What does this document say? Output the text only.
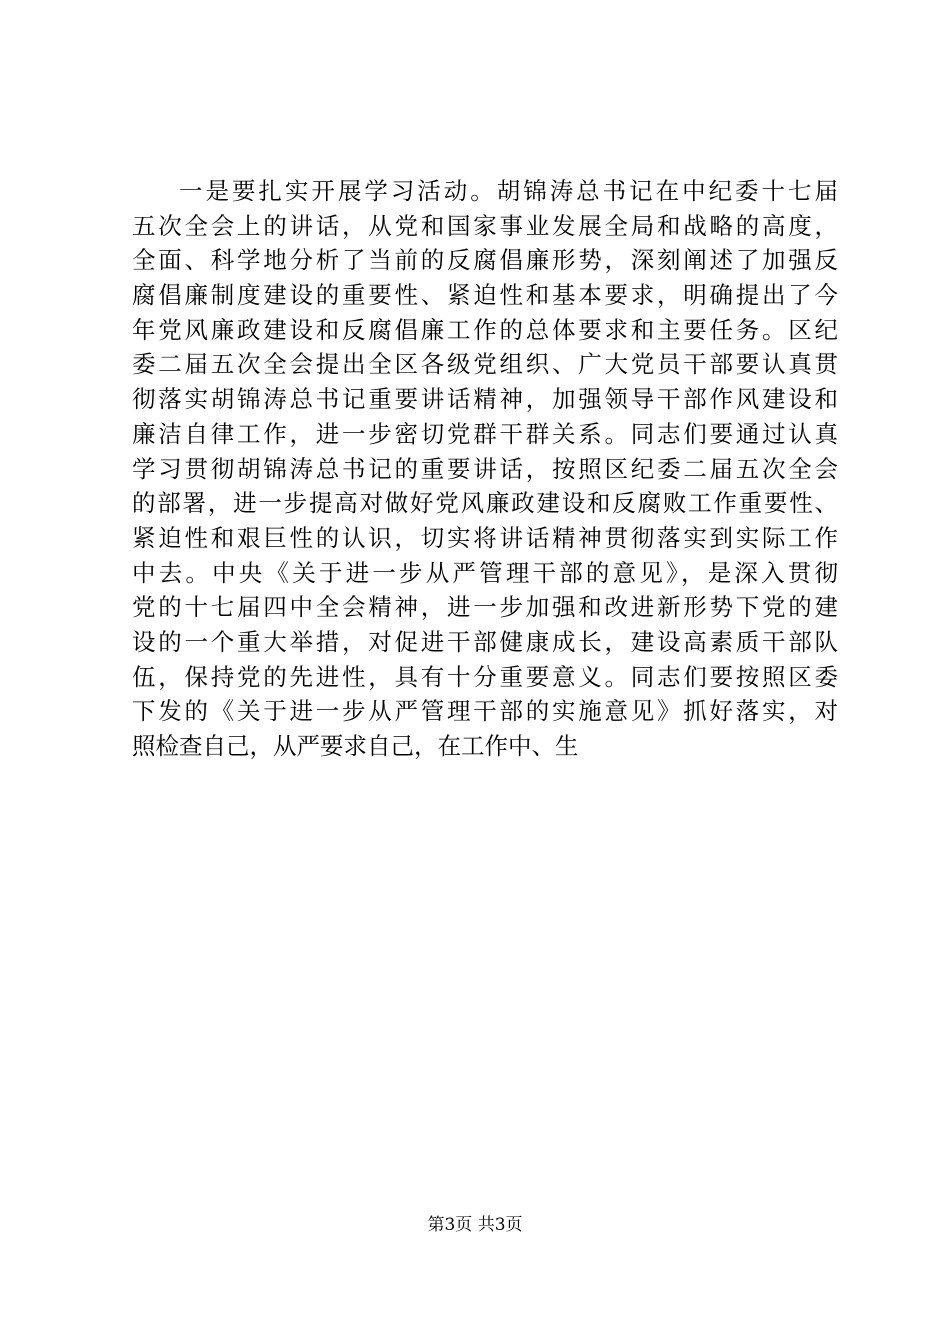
一是要扎实开展学习活动。胡锦涛总书记在中纪委十七届
五次全会上的讲话，从党和国家事业发展全局和战略的高度，
全面、科学地分析了当前的反腐倡廉形势，深刻阐述了加强反
腐倡廉制度建设的重要性、紧迫性和基本要求，明确提出了今
年党风廉政建设和反腐倡廉工作的总体要求和主要任务。区纪
委二届五次全会提出全区各级党组织、广大党员干部要认真贯
彻落实胡锦涛总书记重要讲话精神，加强领导干部作风建设和
廉洁自律工作，进一步密切党群干群关系。同志们要通过认真
学习贯彻胡锦涛总书记的重要讲话，按照区纪委二届五次全会
的部署，进一步提高对做好党风廉政建设和反腐败工作重要性、
紧迫性和艰巨性的认识，切实将讲话精神贯彻落实到实际工作
中去。中央《关于进一步从严管理干部的意见》，是深入贯彻
党的十七届四中全会精神，进一步加强和改进新形势下党的建
设的一个重大举措，对促进干部健康成长，建设高素质干部队
伍，保持党的先进性，具有十分重要意义。同志们要按照区委
下发的《关于进一步从严管理干部的实施意见》抓好落实，对
照检查自己，从严要求自己，在工作中、生
第3页 共3页
